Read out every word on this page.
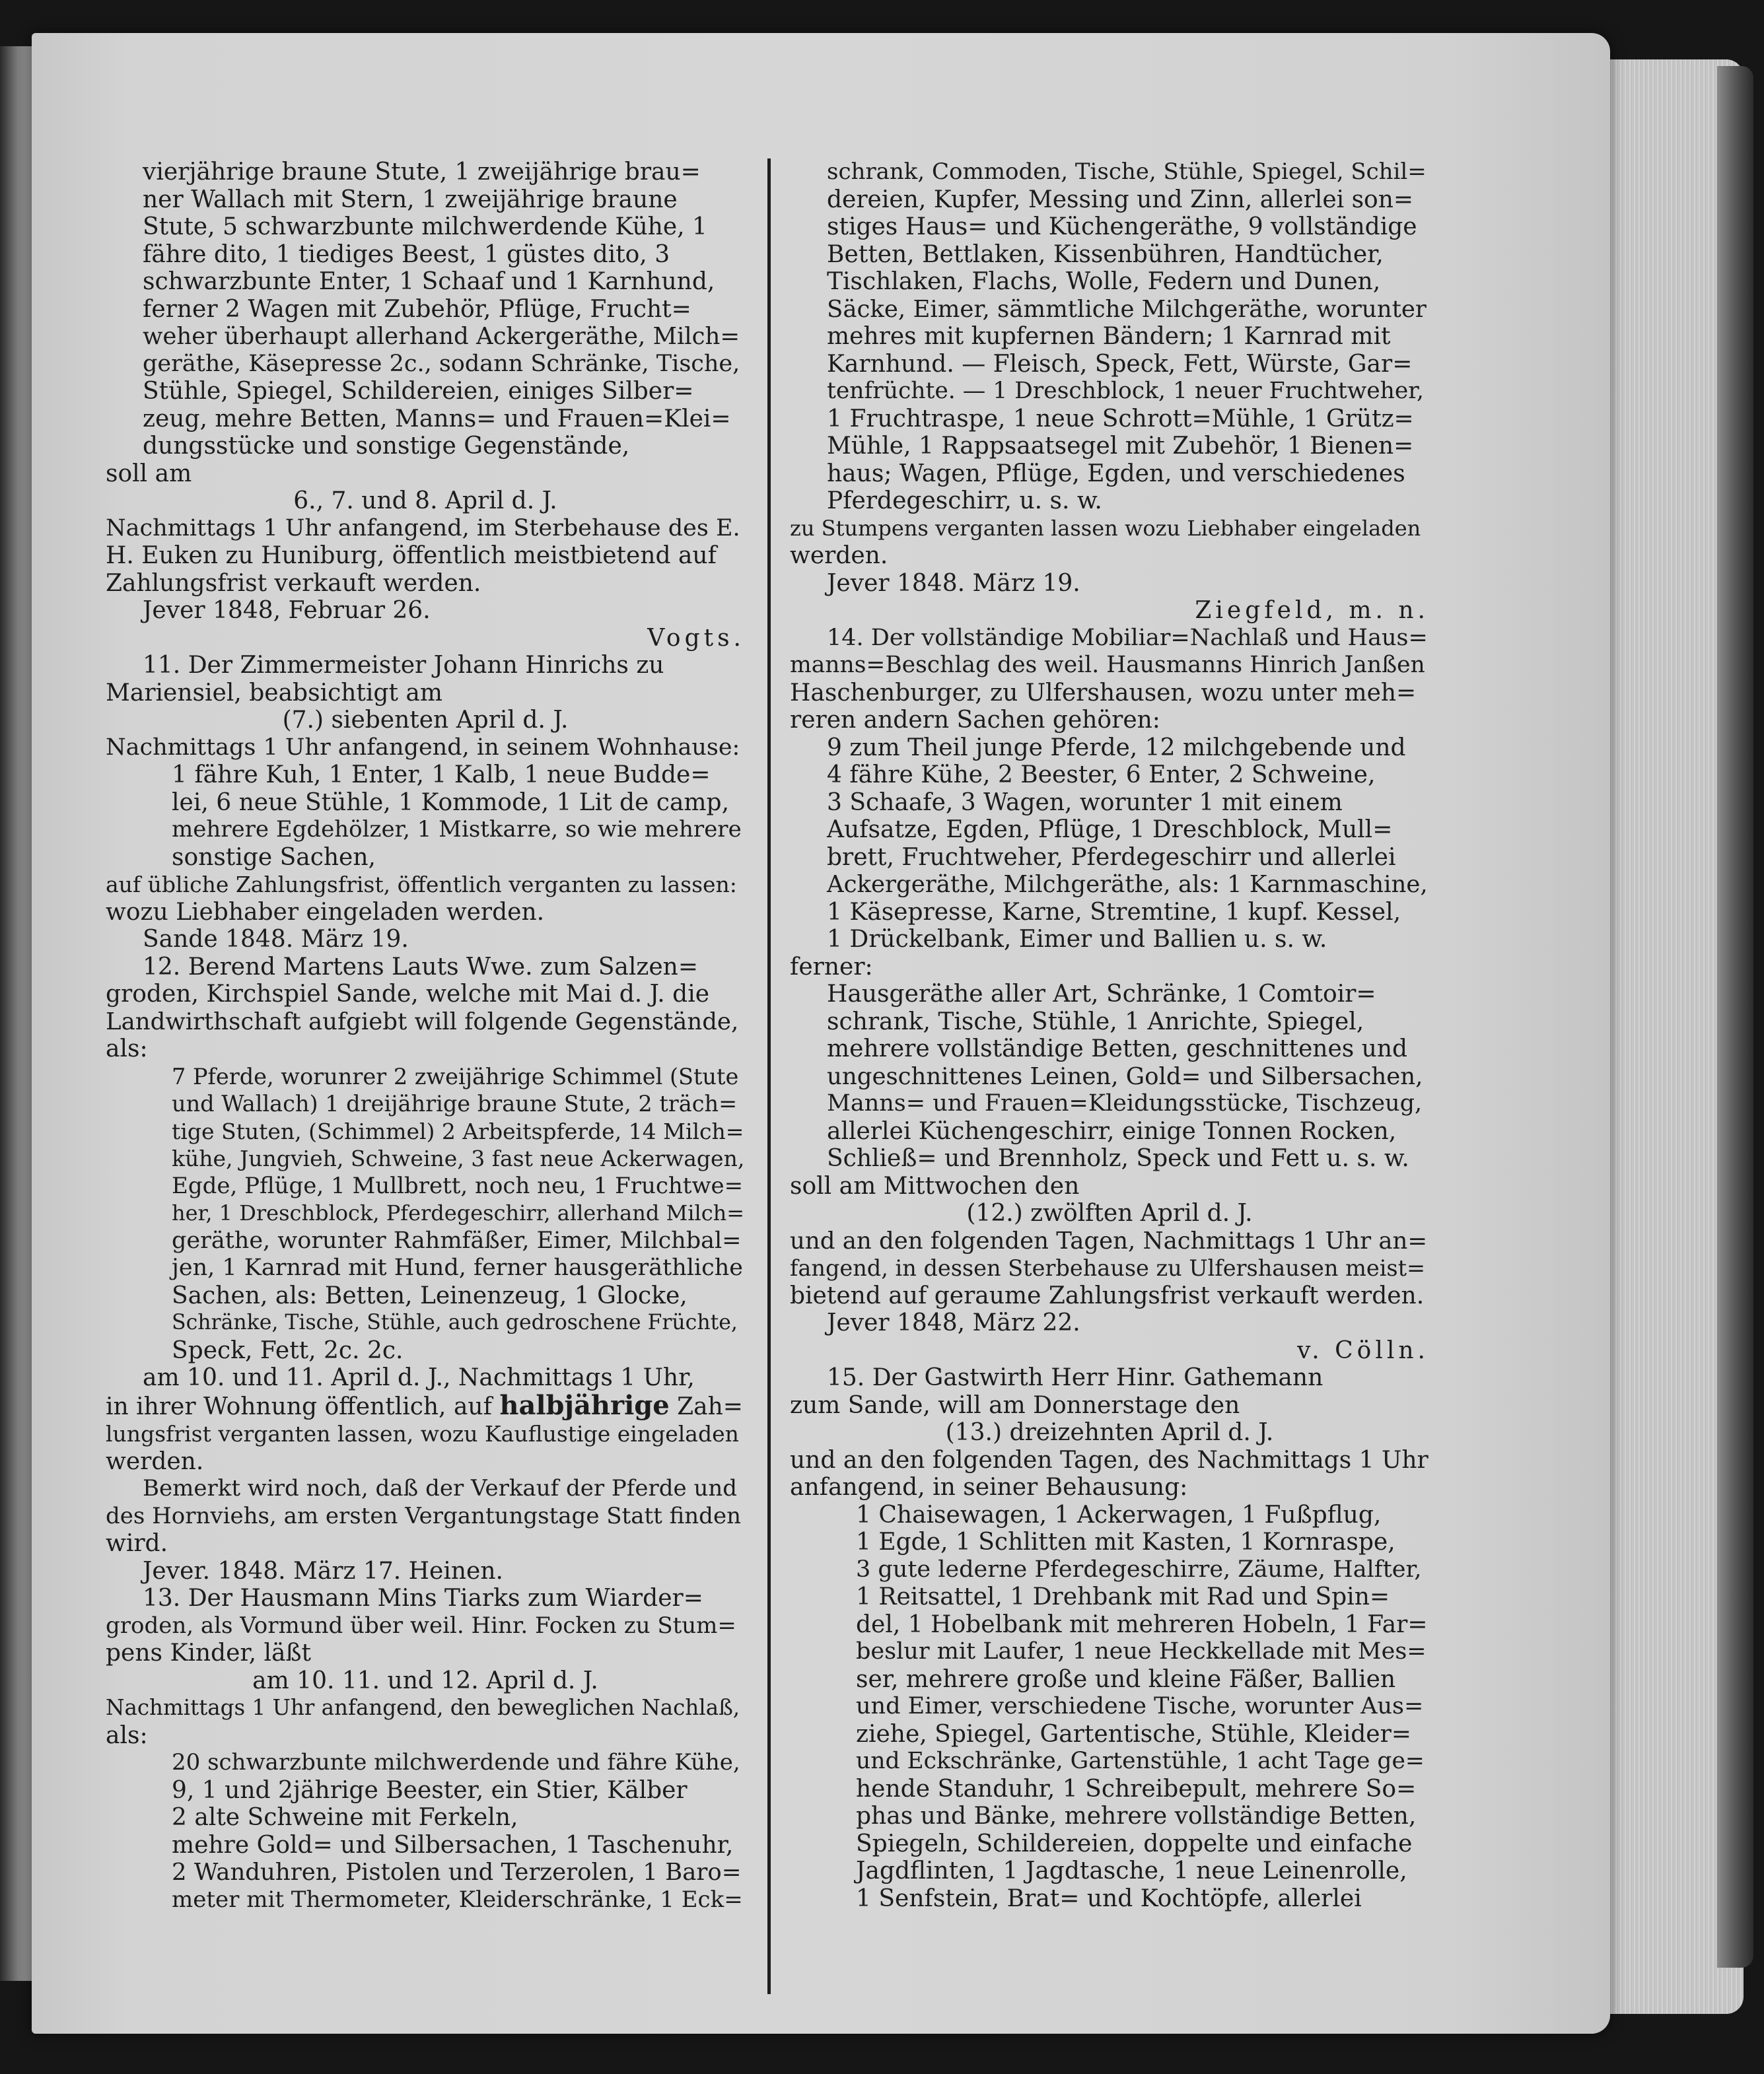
vierjährige braune Stute, 1 zweijährige brau=
ner Wallach mit Stern, 1 zweijährige braune
Stute, 5 schwarzbunte milchwerdende Kühe, 1
fähre dito, 1 tiediges Beest, 1 güstes dito, 3
schwarzbunte Enter, 1 Schaaf und 1 Karnhund,
ferner 2 Wagen mit Zubehör, Pflüge, Frucht=
weher überhaupt allerhand Ackergeräthe, Milch=
geräthe, Käsepresse 2c., sodann Schränke, Tische,
Stühle, Spiegel, Schildereien, einiges Silber=
zeug, mehre Betten, Manns= und Frauen=Klei=
dungsstücke und sonstige Gegenstände,
soll am
6., 7. und 8. April d. J.
Nachmittags 1 Uhr anfangend, im Sterbehause des E.
H. Euken zu Huniburg, öffentlich meistbietend auf
Zahlungsfrist verkauft werden.
Jever 1848, Februar 26.
Vogts.
11. Der Zimmermeister Johann Hinrichs zu
Mariensiel, beabsichtigt am
(7.) siebenten April d. J.
Nachmittags 1 Uhr anfangend, in seinem Wohnhause:
1 fähre Kuh, 1 Enter, 1 Kalb, 1 neue Budde=
lei, 6 neue Stühle, 1 Kommode, 1 Lit de camp,
mehrere Egdehölzer, 1 Mistkarre, so wie mehrere
sonstige Sachen,
auf übliche Zahlungsfrist, öffentlich verganten zu lassen:
wozu Liebhaber eingeladen werden.
Sande 1848. März 19.
12. Berend Martens Lauts Wwe. zum Salzen=
groden, Kirchspiel Sande, welche mit Mai d. J. die
Landwirthschaft aufgiebt will folgende Gegenstände,
als:
7 Pferde, worunrer 2 zweijährige Schimmel (Stute
und Wallach) 1 dreijährige braune Stute, 2 träch=
tige Stuten, (Schimmel) 2 Arbeitspferde, 14 Milch=
kühe, Jungvieh, Schweine, 3 fast neue Ackerwagen,
Egde, Pflüge, 1 Mullbrett, noch neu, 1 Fruchtwe=
her, 1 Dreschblock, Pferdegeschirr, allerhand Milch=
geräthe, worunter Rahmfäßer, Eimer, Milchbal=
jen, 1 Karnrad mit Hund, ferner hausgeräthliche
Sachen, als: Betten, Leinenzeug, 1 Glocke,
Schränke, Tische, Stühle, auch gedroschene Früchte,
Speck, Fett, 2c. 2c.
am 10. und 11. April d. J., Nachmittags 1 Uhr,
in ihrer Wohnung öffentlich, auf halbjährige Zah=
lungsfrist verganten lassen, wozu Kauflustige eingeladen
werden.
Bemerkt wird noch, daß der Verkauf der Pferde und
des Hornviehs, am ersten Vergantungstage Statt finden
wird.
Jever. 1848. März 17. Heinen.
13. Der Hausmann Mins Tiarks zum Wiarder=
groden, als Vormund über weil. Hinr. Focken zu Stum=
pens Kinder, läßt
am 10. 11. und 12. April d. J.
Nachmittags 1 Uhr anfangend, den beweglichen Nachlaß,
als:
20 schwarzbunte milchwerdende und fähre Kühe,
9, 1 und 2jährige Beester, ein Stier, Kälber
2 alte Schweine mit Ferkeln,
mehre Gold= und Silbersachen, 1 Taschenuhr,
2 Wanduhren, Pistolen und Terzerolen, 1 Baro=
meter mit Thermometer, Kleiderschränke, 1 Eck=
schrank, Commoden, Tische, Stühle, Spiegel, Schil=
dereien, Kupfer, Messing und Zinn, allerlei son=
stiges Haus= und Küchengeräthe, 9 vollständige
Betten, Bettlaken, Kissenbühren, Handtücher,
Tischlaken, Flachs, Wolle, Federn und Dunen,
Säcke, Eimer, sämmtliche Milchgeräthe, worunter
mehres mit kupfernen Bändern; 1 Karnrad mit
Karnhund. — Fleisch, Speck, Fett, Würste, Gar=
tenfrüchte. — 1 Dreschblock, 1 neuer Fruchtweher,
1 Fruchtraspe, 1 neue Schrott=Mühle, 1 Grütz=
Mühle, 1 Rappsaatsegel mit Zubehör, 1 Bienen=
haus; Wagen, Pflüge, Egden, und verschiedenes
Pferdegeschirr, u. s. w.
zu Stumpens verganten lassen wozu Liebhaber eingeladen
werden.
Jever 1848. März 19.
Ziegfeld, m. n.
14. Der vollständige Mobiliar=Nachlaß und Haus=
manns=Beschlag des weil. Hausmanns Hinrich Janßen
Haschenburger, zu Ulfershausen, wozu unter meh=
reren andern Sachen gehören:
9 zum Theil junge Pferde, 12 milchgebende und
4 fähre Kühe, 2 Beester, 6 Enter, 2 Schweine,
3 Schaafe, 3 Wagen, worunter 1 mit einem
Aufsatze, Egden, Pflüge, 1 Dreschblock, Mull=
brett, Fruchtweher, Pferdegeschirr und allerlei
Ackergeräthe, Milchgeräthe, als: 1 Karnmaschine,
1 Käsepresse, Karne, Stremtine, 1 kupf. Kessel,
1 Drückelbank, Eimer und Ballien u. s. w.
ferner:
Hausgeräthe aller Art, Schränke, 1 Comtoir=
schrank, Tische, Stühle, 1 Anrichte, Spiegel,
mehrere vollständige Betten, geschnittenes und
ungeschnittenes Leinen, Gold= und Silbersachen,
Manns= und Frauen=Kleidungsstücke, Tischzeug,
allerlei Küchengeschirr, einige Tonnen Rocken,
Schließ= und Brennholz, Speck und Fett u. s. w.
soll am Mittwochen den
(12.) zwölften April d. J.
und an den folgenden Tagen, Nachmittags 1 Uhr an=
fangend, in dessen Sterbehause zu Ulfershausen meist=
bietend auf geraume Zahlungsfrist verkauft werden.
Jever 1848, März 22.
v. Cölln.
15. Der Gastwirth Herr Hinr. Gathemann
zum Sande, will am Donnerstage den
(13.) dreizehnten April d. J.
und an den folgenden Tagen, des Nachmittags 1 Uhr
anfangend, in seiner Behausung:
1 Chaisewagen, 1 Ackerwagen, 1 Fußpflug,
1 Egde, 1 Schlitten mit Kasten, 1 Kornraspe,
3 gute lederne Pferdegeschirre, Zäume, Halfter,
1 Reitsattel, 1 Drehbank mit Rad und Spin=
del, 1 Hobelbank mit mehreren Hobeln, 1 Far=
beslur mit Laufer, 1 neue Heckkellade mit Mes=
ser, mehrere große und kleine Fäßer, Ballien
und Eimer, verschiedene Tische, worunter Aus=
ziehe, Spiegel, Gartentische, Stühle, Kleider=
und Eckschränke, Gartenstühle, 1 acht Tage ge=
hende Standuhr, 1 Schreibepult, mehrere So=
phas und Bänke, mehrere vollständige Betten,
Spiegeln, Schildereien, doppelte und einfache
Jagdflinten, 1 Jagdtasche, 1 neue Leinenrolle,
1 Senfstein, Brat= und Kochtöpfe, allerlei
